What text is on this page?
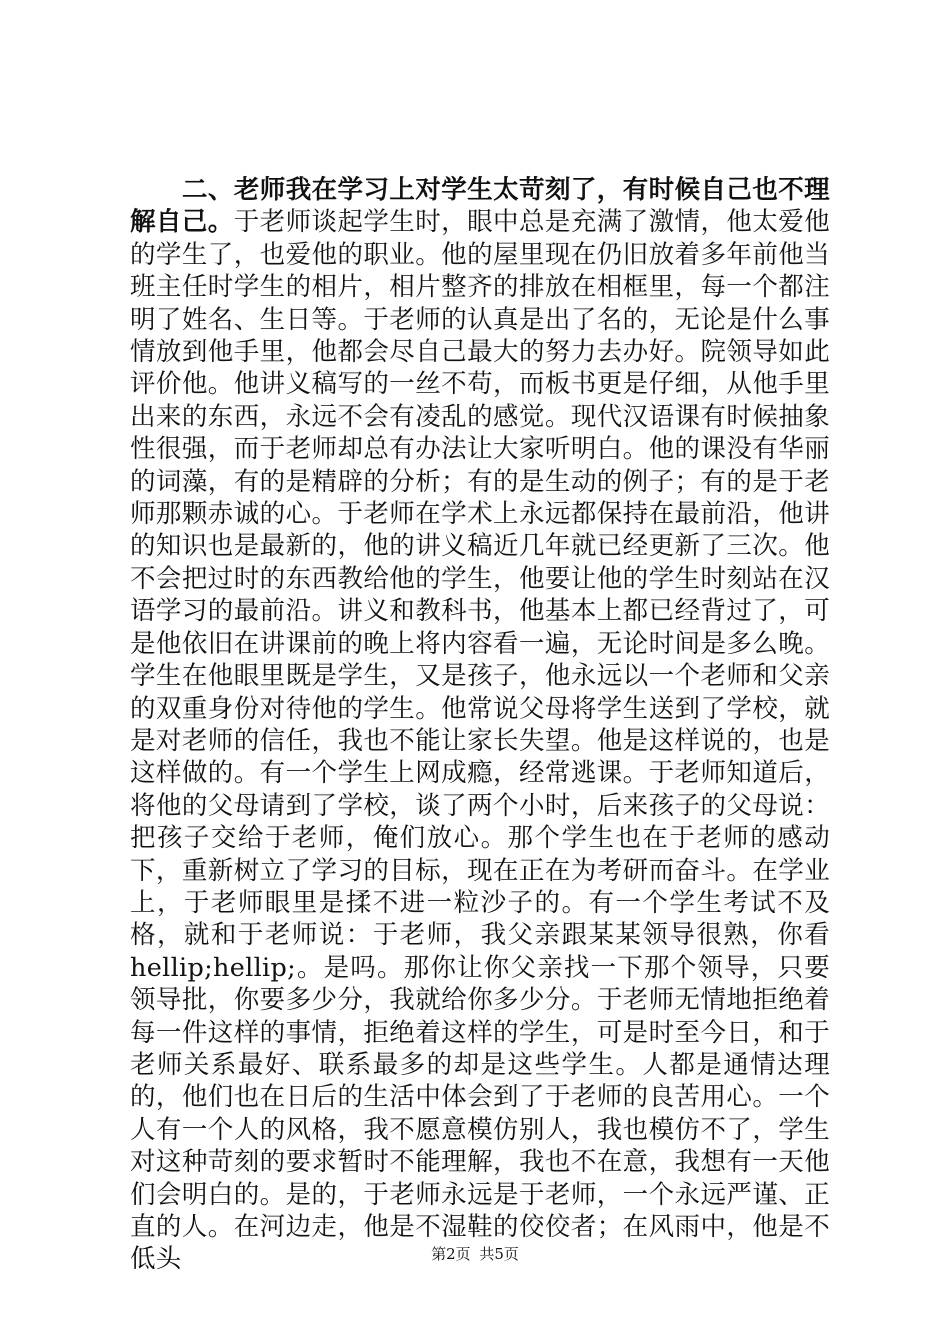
二、老师我在学习上对学生太苛刻了，有时候自己也不理解自己。于老师谈起学生时，眼中总是充满了激情，他太爱他的学生了，也爱他的职业。他的屋里现在仍旧放着多年前他当班主任时学生的相片，相片整齐的排放在相框里，每一个都注明了姓名、生日等。于老师的认真是出了名的，无论是什么事情放到他手里，他都会尽自己最大的努力去办好。院领导如此评价他。他讲义稿写的一丝不苟，而板书更是仔细，从他手里出来的东西，永远不会有凌乱的感觉。现代汉语课有时候抽象性很强，而于老师却总有办法让大家听明白。他的课没有华丽的词藻，有的是精辟的分析；有的是生动的例子；有的是于老师那颗赤诚的心。于老师在学术上永远都保持在最前沿，他讲的知识也是最新的，他的讲义稿近几年就已经更新了三次。他不会把过时的东西教给他的学生，他要让他的学生时刻站在汉语学习的最前沿。讲义和教科书，他基本上都已经背过了，可是他依旧在讲课前的晚上将内容看一遍，无论时间是多么晚。学生在他眼里既是学生，又是孩子，他永远以一个老师和父亲的双重身份对待他的学生。他常说父母将学生送到了学校，就是对老师的信任，我也不能让家长失望。他是这样说的，也是这样做的。有一个学生上网成瘾，经常逃课。于老师知道后，将他的父母请到了学校，谈了两个小时，后来孩子的父母说：把孩子交给于老师，俺们放心。那个学生也在于老师的感动下，重新树立了学习的目标，现在正在为考研而奋斗。在学业上，于老师眼里是揉不进一粒沙子的。有一个学生考试不及格，就和于老师说：于老师，我父亲跟某某领导很熟，你看hellip;hellip;。是吗。那你让你父亲找一下那个领导，只要领导批，你要多少分，我就给你多少分。于老师无情地拒绝着每一件这样的事情，拒绝着这样的学生，可是时至今日，和于老师关系最好、联系最多的却是这些学生。人都是通情达理的，他们也在日后的生活中体会到了于老师的良苦用心。一个人有一个人的风格，我不愿意模仿别人，我也模仿不了，学生对这种苛刻的要求暂时不能理解，我也不在意，我想有一天他们会明白的。是的，于老师永远是于老师，一个永远严谨、正直的人。在河边走，他是不湿鞋的佼佼者；在风雨中，他是不低头	第2页 共5页
